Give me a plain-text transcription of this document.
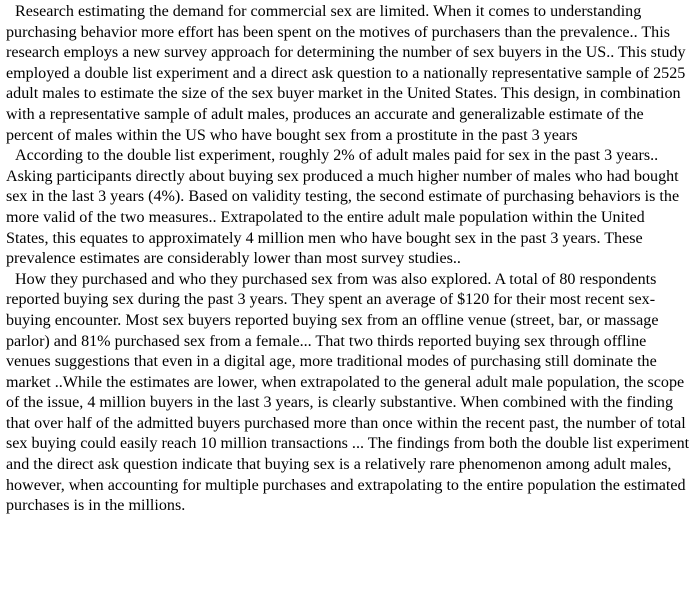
Research estimating the demand for commercial sex are limited. When it comes to understanding purchasing behavior more effort has been spent on the motives of purchasers than the prevalence.. This research employs a new survey approach for determining the number of sex buyers in the US.. This study employed a double list experiment and a direct ask question to a nationally representative sample of 2525 adult males to estimate the size of the sex buyer market in the United States. This design, in combination with a representative sample of adult males, produces an accurate and generalizable estimate of the percent of males within the US who have bought sex from a prostitute in the past 3 years

According to the double list experiment, roughly 2% of adult males paid for sex in the past 3 years.. Asking participants directly about buying sex produced a much higher number of males who had bought sex in the last 3 years (4%). Based on validity testing, the second estimate of purchasing behaviors is the more valid of the two measures.. Extrapolated to the entire adult male population within the United States, this equates to approximately 4 million men who have bought sex in the past 3 years. These prevalence estimates are considerably lower than most survey studies..

How they purchased and who they purchased sex from was also explored. A total of 80 respondents reported buying sex during the past 3 years. They spent an average of $120 for their most recent sex-buying encounter. Most sex buyers reported buying sex from an offline venue (street, bar, or massage parlor) and 81% purchased sex from a female... That two thirds reported buying sex through offline venues suggestions that even in a digital age, more traditional modes of purchasing still dominate the market ..While the estimates are lower, when extrapolated to the general adult male population, the scope of the issue, 4 million buyers in the last 3 years, is clearly substantive. When combined with the finding that over half of the admitted buyers purchased more than once within the recent past, the number of total sex buying could easily reach 10 million transactions ... The findings from both the double list experiment and the direct ask question indicate that buying sex is a relatively rare phenomenon among adult males, however, when accounting for multiple purchases and extrapolating to the entire population the estimated purchases is in the millions.
